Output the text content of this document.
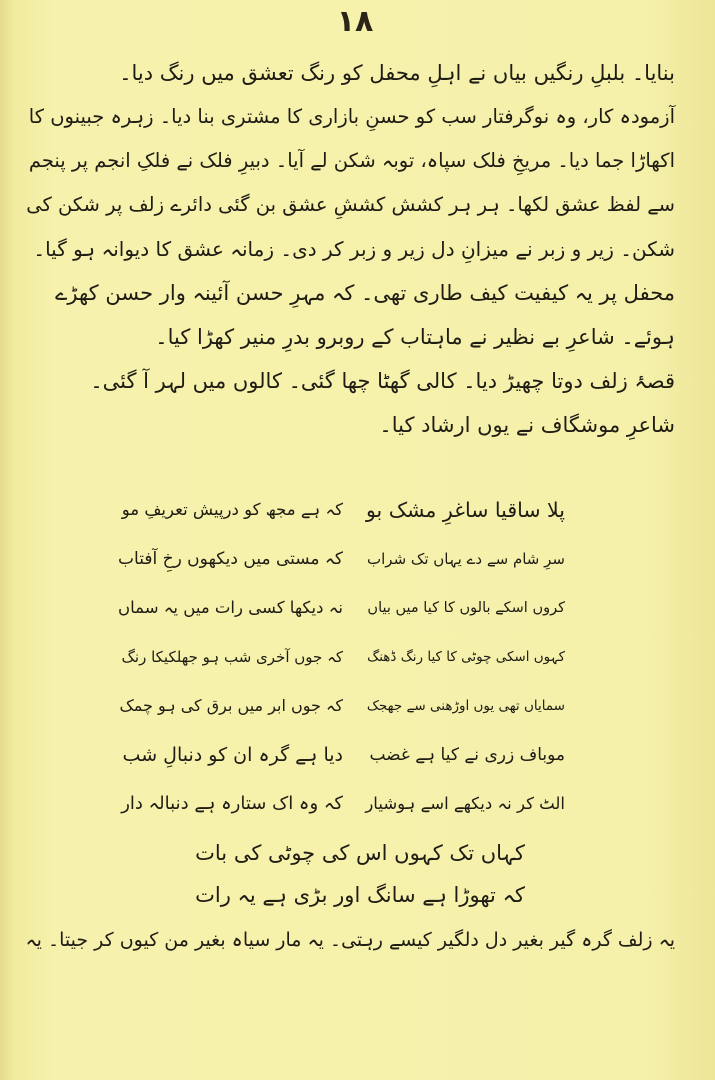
۱۸
بنایا۔ بلبلِ رنگیں بیاں نے اہلِ محفل کو رنگ تعشق میں رنگ دیا۔
آزمودہ کار، وہ نوگرفتار سب کو حسنِ بازاری کا مشتری بنا دیا۔ زہرہ جبینوں کا
اکھاڑا جما دیا۔ مریخِ فلک سپاہ، توبہ شکن لے آیا۔ دبیرِ فلک نے فلکِ انجم پر پنجم
سے لفظ عشق لکھا۔ ہر ہر کشش کششِ عشق بن گئی دائرے زلف پر شکن کی
شکن۔ زیر و زبر نے میزانِ دل زیر و زبر کر دی۔ زمانہ عشق کا دیوانہ ہو گیا۔
محفل پر یہ کیفیت کیف طاری تھی۔ کہ مہرِ حسن آئینہ وار حسن کھڑے
ہوئے۔ شاعرِ بے نظیر نے ماہتاب کے روبرو بدرِ منیر کھڑا کیا۔
قصۂ زلف دوتا چھیڑ دیا۔ کالی گھٹا چھا گئی۔ کالوں میں لہر آ گئی۔
شاعرِ موشگاف نے یوں ارشاد کیا۔
پلا ساقیا ساغرِ مشک بو
کہ ہے مجھ کو درپیش تعریفِ مو
سرِ شام سے دے یہاں تک شراب
کہ مستی میں دیکھوں رخِ آفتاب
کروں اسکے بالوں کا کیا میں بیاں
نہ دیکھا کسی رات میں یہ سماں
کہوں اسکی چوٹی کا کیا رنگ ڈھنگ
کہ جوں آخری شب ہو جھلکیکا رنگ
سمایاں تھی یوں اوڑھنی سے جھجک
کہ جوں ابر میں برق کی ہو چمک
موباف زری نے کیا ہے غضب
دیا ہے گرہ ان کو دنبالِ شب
الٹ کر نہ دیکھے اسے ہوشیار
کہ وہ اک ستارہ ہے دنبالہ دار
کہاں تک کہوں اس کی چوٹی کی بات
کہ تھوڑا ہے سانگ اور بڑی ہے یہ رات
یہ زلف گرہ گیر بغیر دل دلگیر کیسے رہتی۔ یہ مار سیاہ بغیر من کیوں کر جیتا۔ یہ
